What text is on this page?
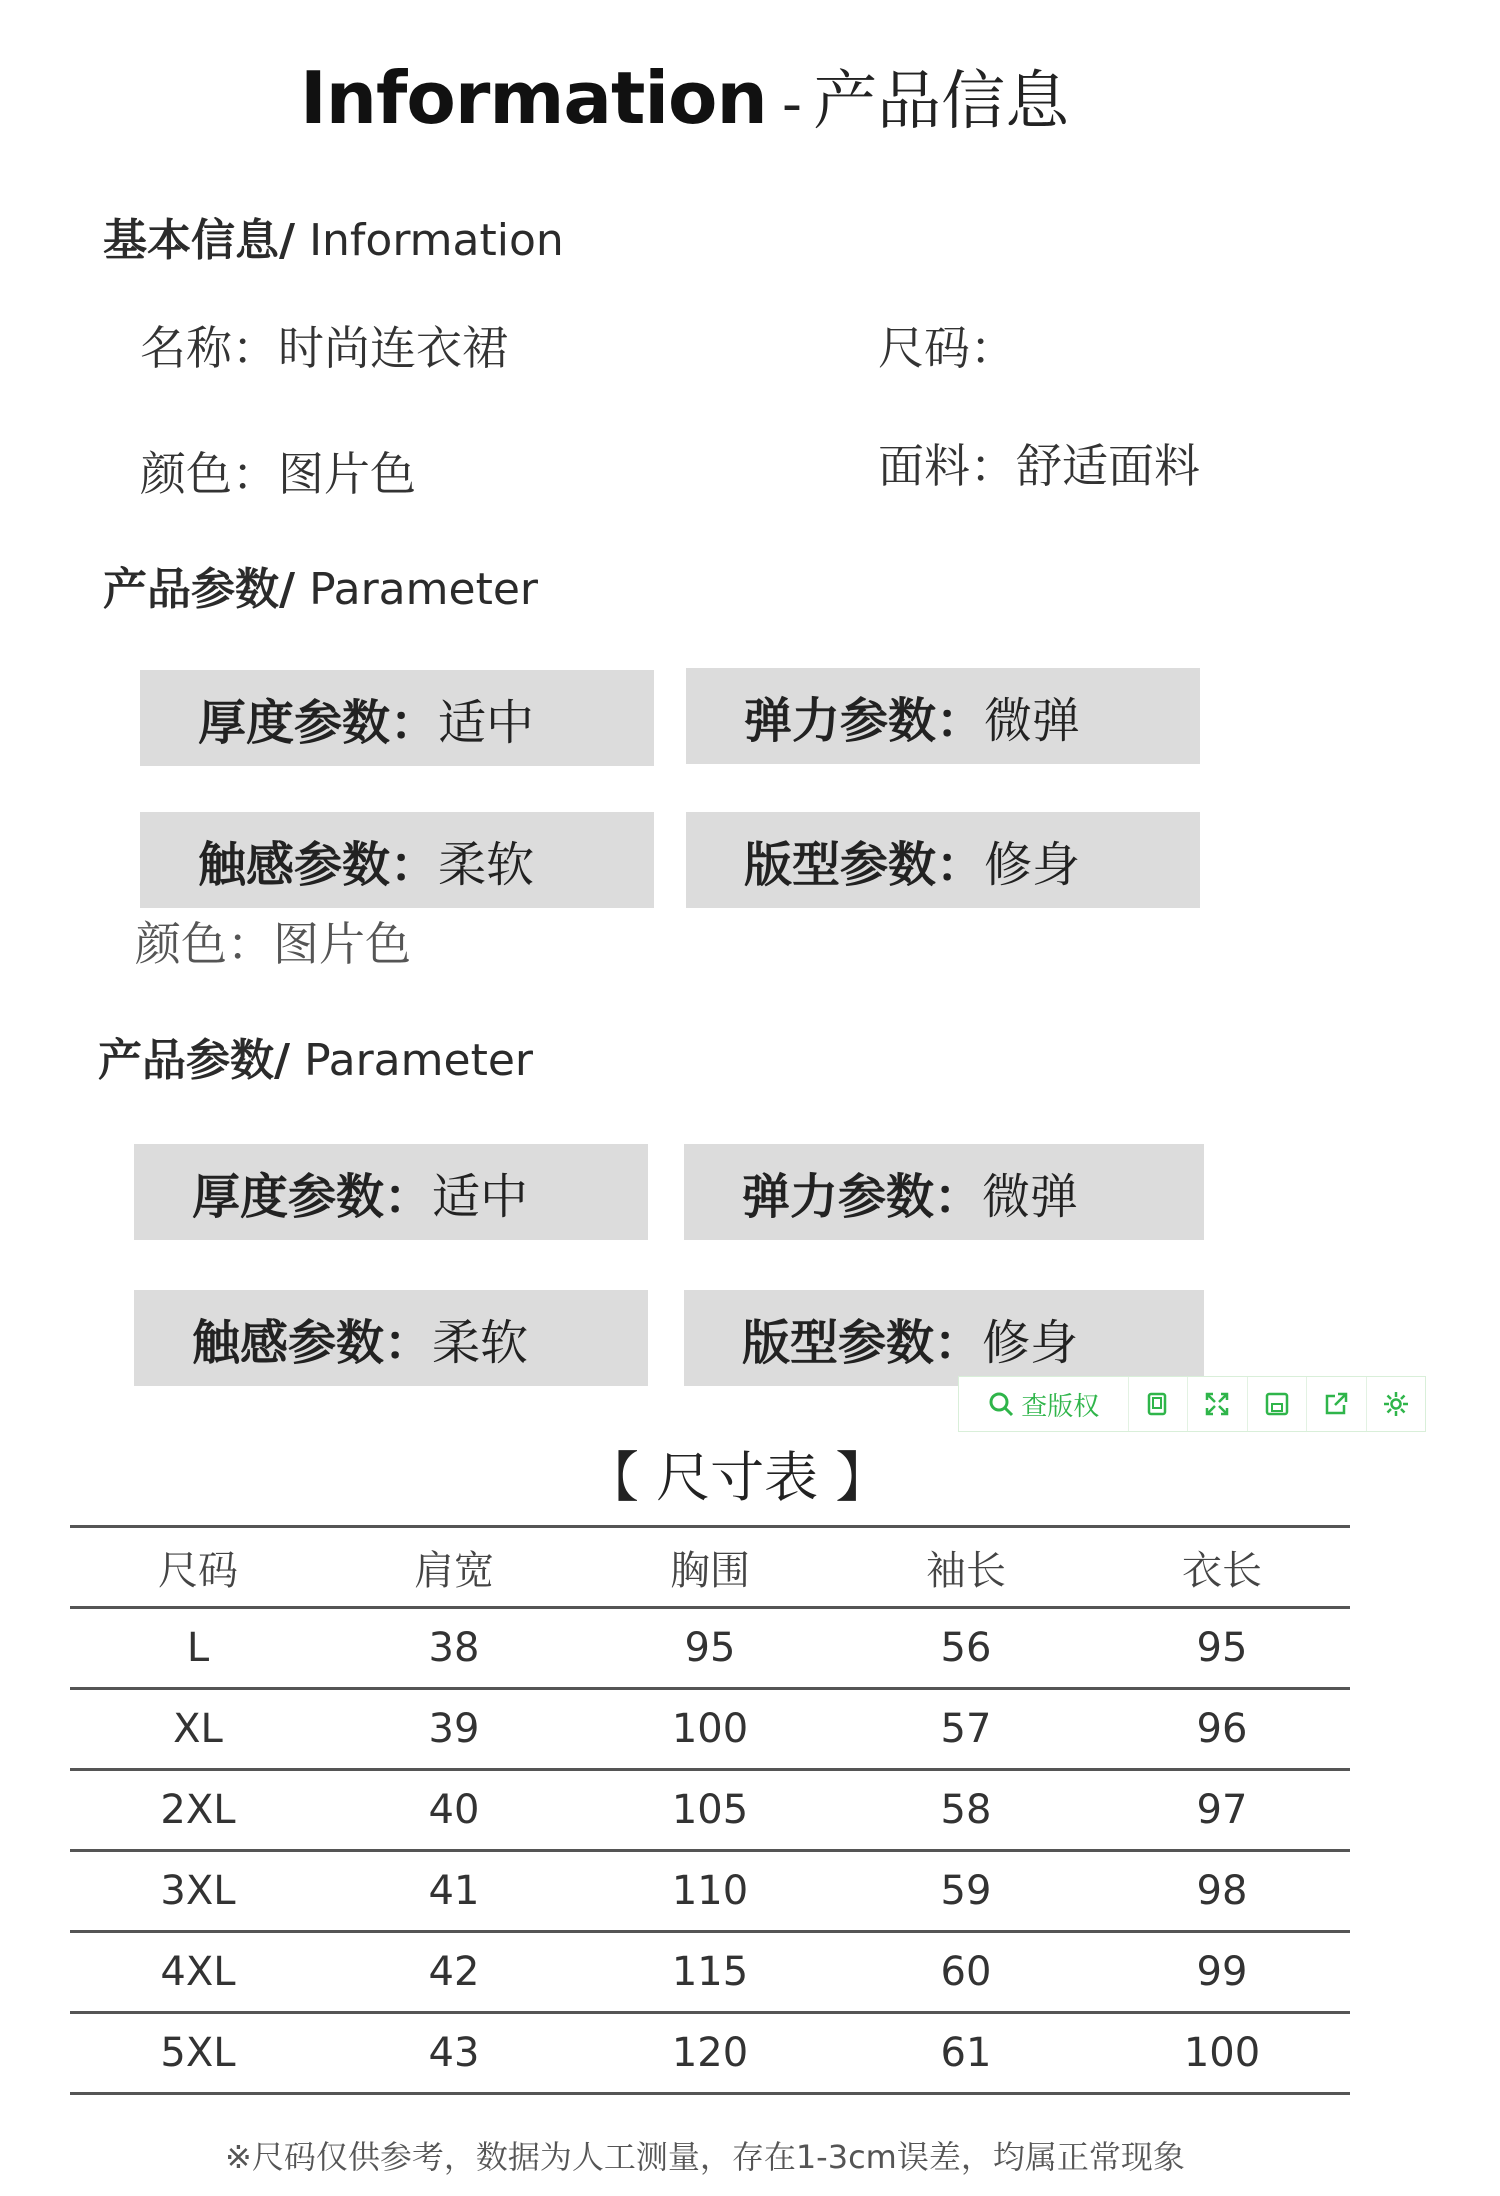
Information - 产品信息
基本信息/ Information
名称：时尚连衣裙	尺码：
颜色：图片色	面料：舒适面料
产品参数/ Parameter
厚度参数： 适中	弹力参数： 微弹
触感参数： 柔软	版型参数： 修身
颜色：图片色
产品参数/ Parameter
厚度参数： 适中	弹力参数： 微弹
触感参数： 柔软	版型参数： 修身
查版权
【 尺寸表 】
尺码	肩宽	胸围	袖长	衣长
L	38	95	56	95
XL	39	100	57	96
2XL	40	105	58	97
3XL	41	110	59	98
4XL	42	115	60	99
5XL	43	120	61	100
※尺码仅供参考，数据为人工测量，存在1-3cm误差，均属正常现象
